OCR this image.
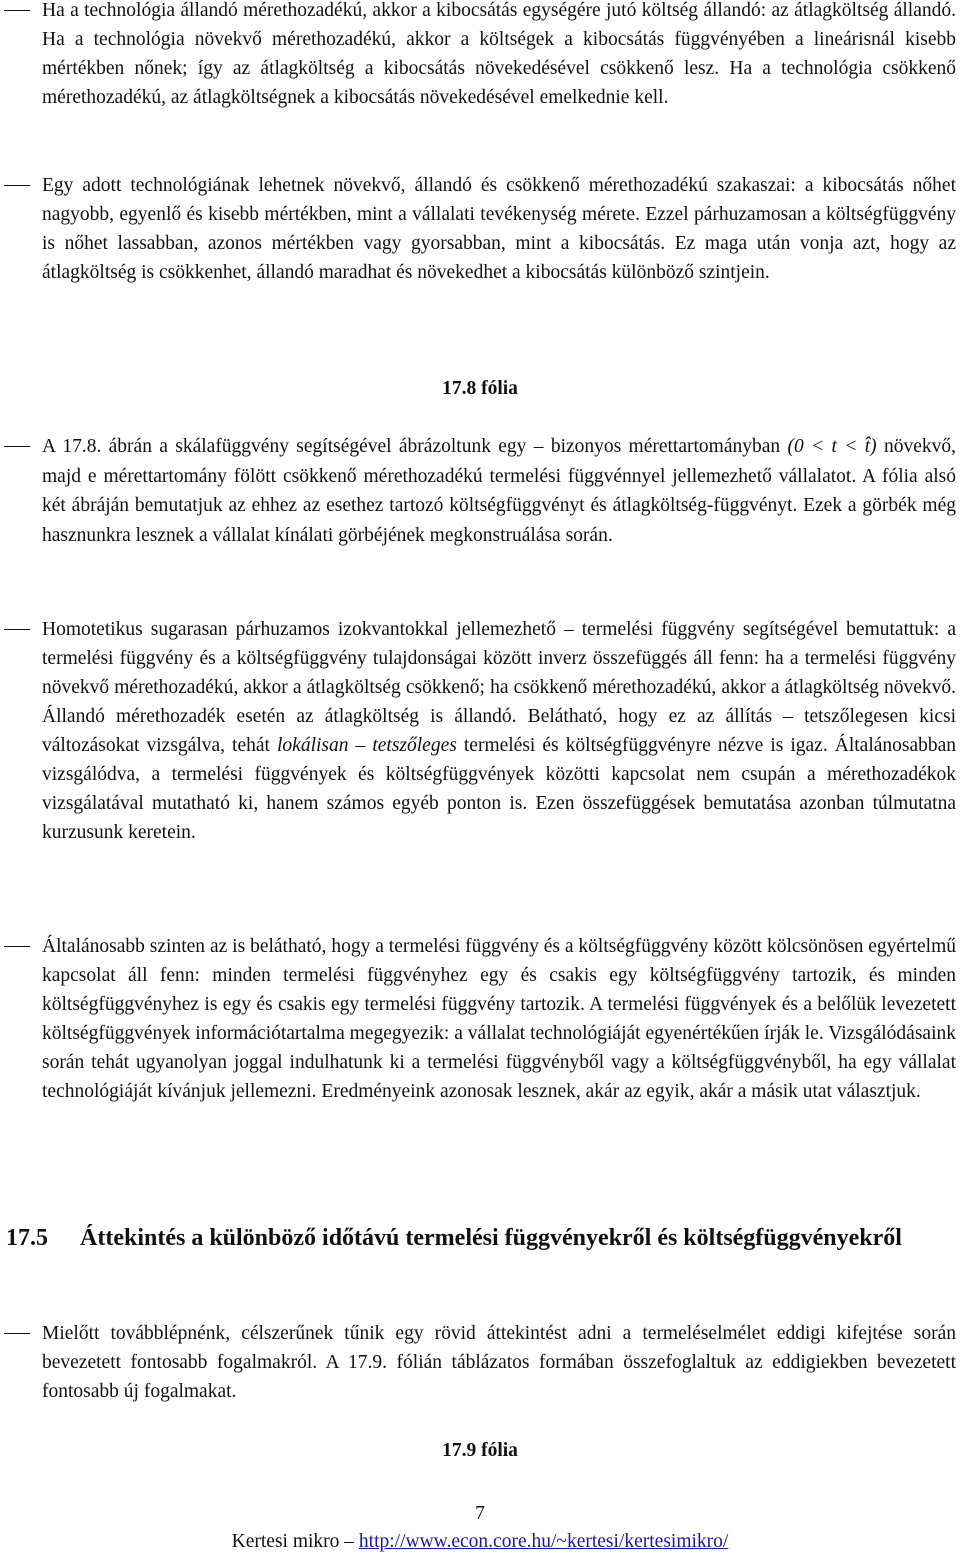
Ha a technológia állandó mérethozadékú, akkor a kibocsátás egységére jutó költség állandó: az átlagköltség állandó. Ha a technológia növekvő mérethozadékú, akkor a költségek a kibocsátás függvényében a lineárisnál kisebb mértékben nőnek; így az átlagköltség a kibocsátás növekedésével csökkenő lesz. Ha a technológia csökkenő mérethozadékú, az átlagköltségnek a kibocsátás növekedésével emelkednie kell.
Egy adott technológiának lehetnek növekvő, állandó és csökkenő mérethozadékú szakaszai: a kibocsátás nőhet nagyobb, egyenlő és kisebb mértékben, mint a vállalati tevékenység mérete. Ezzel párhuzamosan a költségfüggvény is nőhet lassabban, azonos mértékben vagy gyorsabban, mint a kibocsátás. Ez maga után vonja azt, hogy az átlagköltség is csökkenhet, állandó maradhat és növekedhet a kibocsátás különböző szintjein.
17.8 fólia
A 17.8. ábrán a skálafüggvény segítségével ábrázoltunk egy – bizonyos mérettartományban (0 < t < t̂) növekvő, majd e mérettartomány fölött csökkenő mérethozadékú termelési függvénnyel jellemezhető vállalatot. A fólia alsó két ábráján bemutatjuk az ehhez az esethez tartozó költségfüggvényt és átlagköltség-függvényt. Ezek a görbék még hasznunkra lesznek a vállalat kínálati görbéjének megkonstruálása során.
Homotetikus sugarasan párhuzamos izokvantokkal jellemezhető – termelési függvény segítségével bemutattuk: a termelési függvény és a költségfüggvény tulajdonságai között inverz összefüggés áll fenn: ha a termelési függvény növekvő mérethozadékú, akkor a átlagköltség csökkenő; ha csökkenő mérethozadékú, akkor a átlagköltség növekvő. Állandó mérethozadék esetén az átlagköltség is állandó. Belátható, hogy ez az állítás – tetszőlegesen kicsi változásokat vizsgálva, tehát lokálisan – tetszőleges termelési és költségfüggvényre nézve is igaz. Általánosabban vizsgálódva, a termelési függvények és költségfüggvények közötti kapcsolat nem csupán a mérethozadékok vizsgálatával mutatható ki, hanem számos egyéb ponton is. Ezen összefüggések bemutatása azonban túlmutatna kurzusunk keretein.
Általánosabb szinten az is belátható, hogy a termelési függvény és a költségfüggvény között kölcsönösen egyértelmű kapcsolat áll fenn: minden termelési függvényhez egy és csakis egy költségfüggvény tartozik, és minden költségfüggvényhez is egy és csakis egy termelési függvény tartozik. A termelési függvények és a belőlük levezetett költségfüggvények információtartalma megegyezik: a vállalat technológiáját egyenértékűen írják le. Vizsgálódásaink során tehát ugyanolyan joggal indulhatunk ki a termelési függvényből vagy a költségfüggvényből, ha egy vállalat technológiáját kívánjuk jellemezni. Eredményeink azonosak lesznek, akár az egyik, akár a másik utat választjuk.
17.5 Áttekintés a különböző időtávú termelési függvényekről és költségfüggvényekről
Mielőtt továbblépnénk, célszerűnek tűnik egy rövid áttekintést adni a termeléselmélet eddigi kifejtése során bevezetett fontosabb fogalmakról. A 17.9. fólián táblázatos formában összefoglaltuk az eddigiekben bevezetett fontosabb új fogalmakat.
17.9 fólia
7
Kertesi mikro – http://www.econ.core.hu/~kertesi/kertesimikro/
